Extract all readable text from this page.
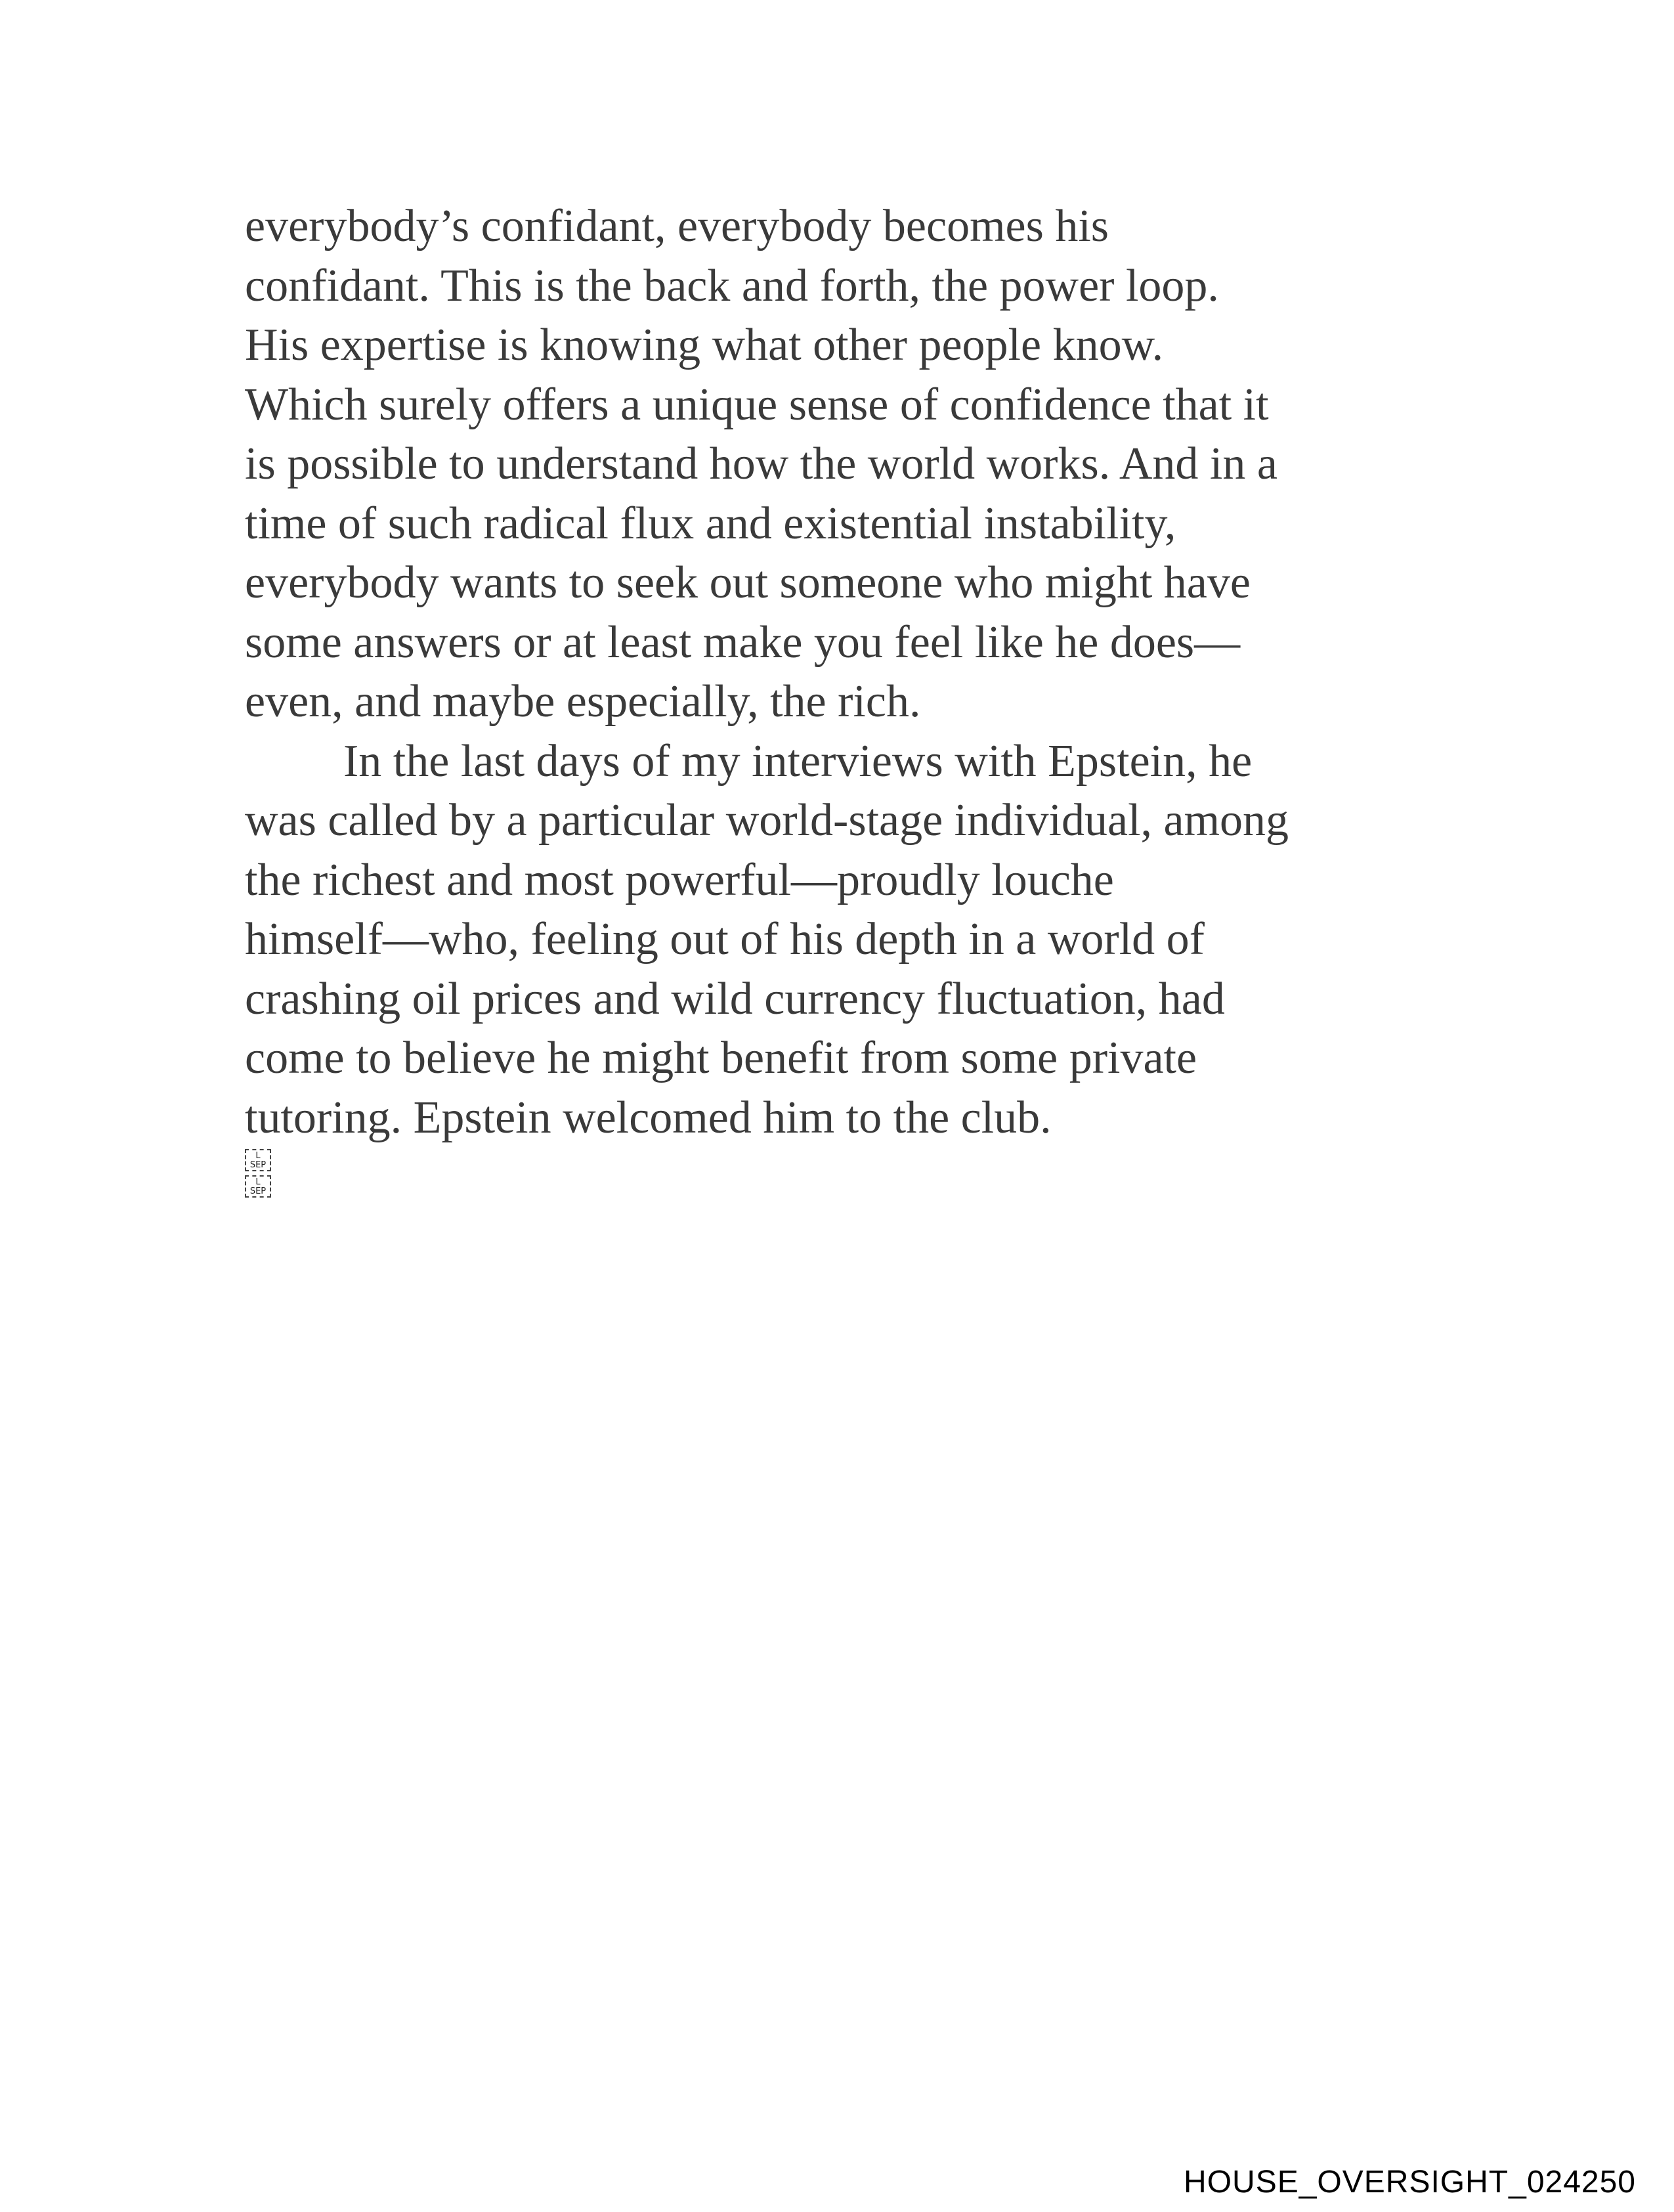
everybody’s confidant, everybody becomes his
confidant. This is the back and forth, the power loop.
His expertise is knowing what other people know.
Which surely offers a unique sense of confidence that it
is possible to understand how the world works. And in a
time of such radical flux and existential instability,
everybody wants to seek out someone who might have
some answers or at least make you feel like he does—
even, and maybe especially, the rich.
In the last days of my interviews with Epstein, he
was called by a particular world-stage individual, among
the richest and most powerful—proudly louche
himself—who, feeling out of his depth in a world of
crashing oil prices and wild currency fluctuation, had
come to believe he might benefit from some private
tutoring. Epstein welcomed him to the club.
L
SEP
L
SEP
HOUSE_OVERSIGHT_024250
